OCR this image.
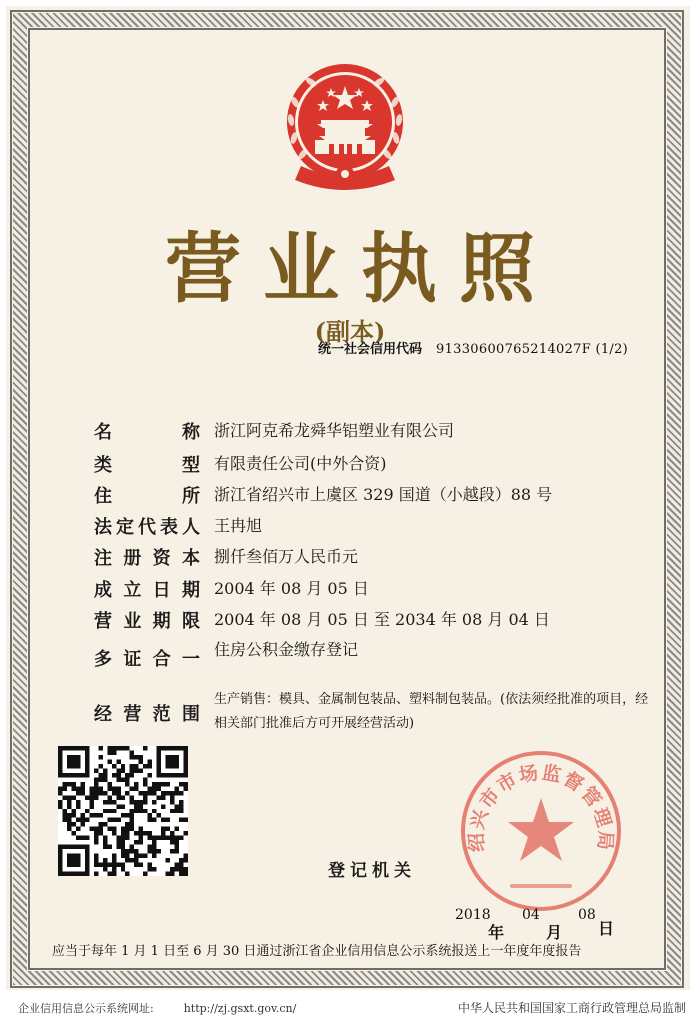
营业执照
(副本)
统一社会信用代码 91330600765214027F (1/2)
名称 浙江阿克希龙舜华铝塑业有限公司
类型 有限责任公司(中外合资)
住所 浙江省绍兴市上虞区 329 国道（小越段）88 号
法定代表人 王冉旭
注册资本 捌仟叁佰万人民币元
成立日期 2004 年 08 月 05 日
营业期限 2004 年 08 月 05 日 至 2034 年 08 月 04 日
多证合一 住房公积金缴存登记
经营范围
生产销售：模具、金属制包装品、塑料制包装品。(依法须经批准的项目，经相关部门批准后方可开展经营活动)
绍兴市市场监督管理局
登记机关
2018 04	08
年	月 日
应当于每年 1 月 1 日至 6 月 30 日通过浙江省企业信用信息公示系统报送上一年度年度报告
企业信用信息公示系统网址:	http://zj.gsxt.gov.cn/	中华人民共和国国家工商行政管理总局监制
